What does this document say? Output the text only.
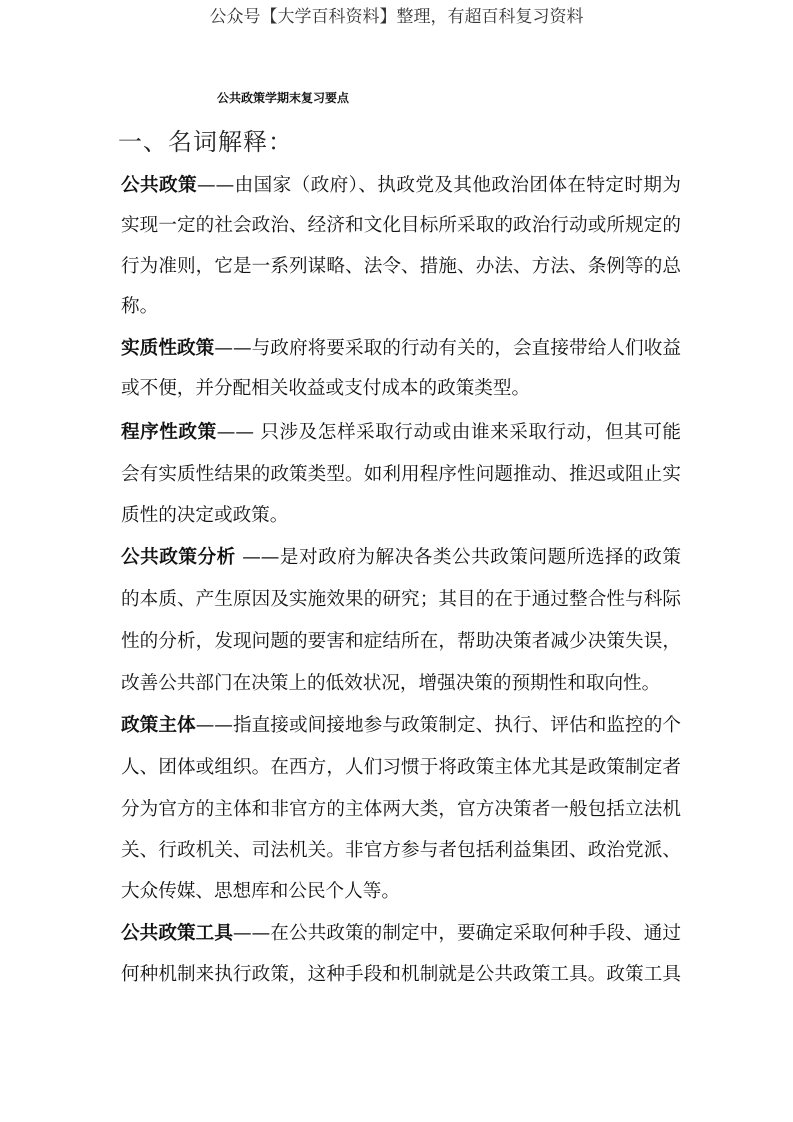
公众号【大学百科资料】整理，有超百科复习资料
公共政策学期末复习要点
一、名词解释：
公共政策——由国家（政府）、执政党及其他政治团体在特定时期为
实现一定的社会政治、经济和文化目标所采取的政治行动或所规定的
行为准则，它是一系列谋略、法令、措施、办法、方法、条例等的总
称。
实质性政策——与政府将要采取的行动有关的，会直接带给人们收益
或不便，并分配相关收益或支付成本的政策类型。
程序性政策—— 只涉及怎样采取行动或由谁来采取行动，但其可能
会有实质性结果的政策类型。如利用程序性问题推动、推迟或阻止实
质性的决定或政策。
公共政策分析 ——是对政府为解决各类公共政策问题所选择的政策
的本质、产生原因及实施效果的研究；其目的在于通过整合性与科际
性的分析，发现问题的要害和症结所在，帮助决策者减少决策失误，
改善公共部门在决策上的低效状况，增强决策的预期性和取向性。
政策主体——指直接或间接地参与政策制定、执行、评估和监控的个
人、团体或组织。在西方，人们习惯于将政策主体尤其是政策制定者
分为官方的主体和非官方的主体两大类，官方决策者一般包括立法机
关、行政机关、司法机关。非官方参与者包括利益集团、政治党派、
大众传媒、思想库和公民个人等。
公共政策工具——在公共政策的制定中，要确定采取何种手段、通过
何种机制来执行政策，这种手段和机制就是公共政策工具。政策工具
